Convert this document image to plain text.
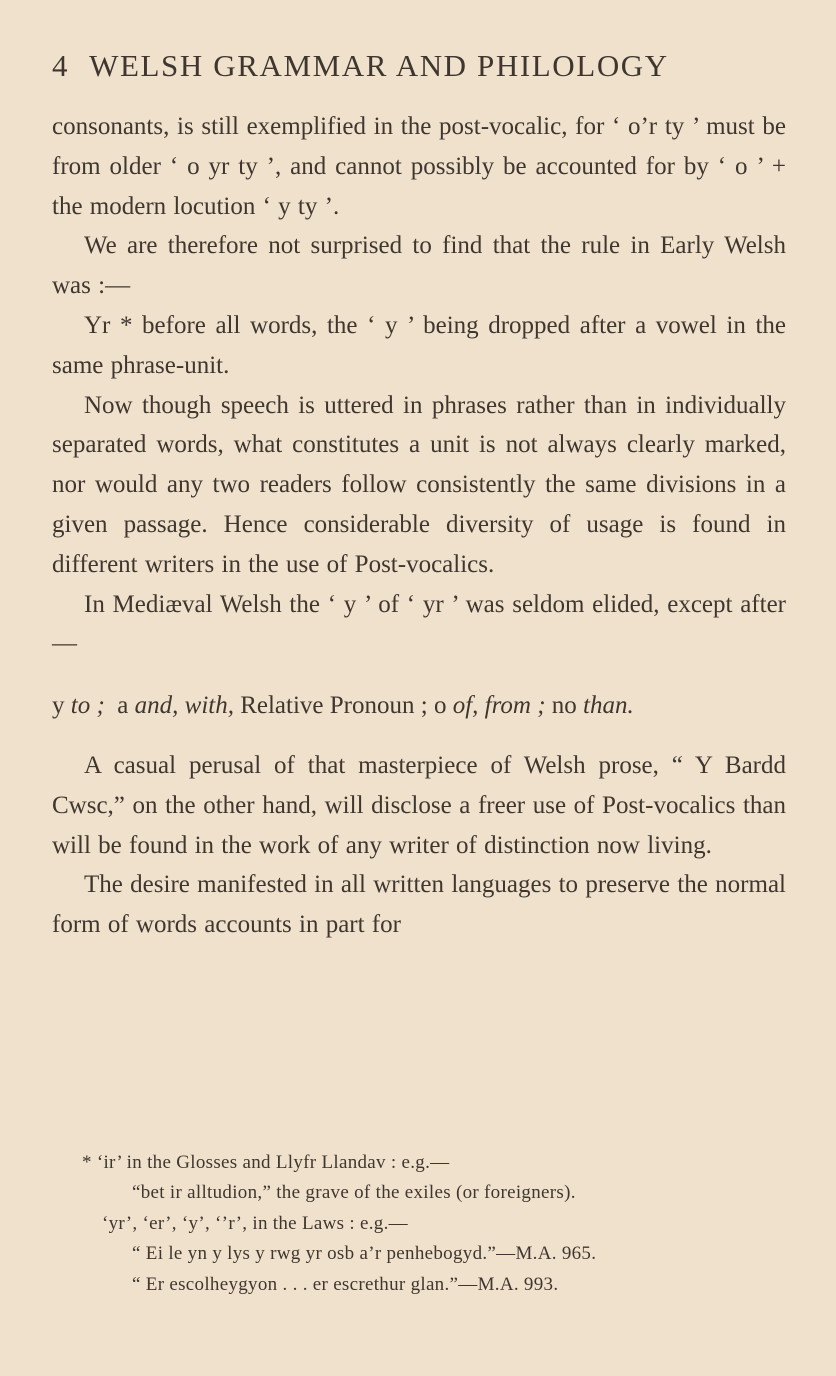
4 WELSH GRAMMAR AND PHILOLOGY

consonants, is still exemplified in the post-vocalic, for ‘ o’r ty ’ must be from older ‘ o yr ty ’, and cannot possibly be accounted for by ‘ o ’ + the modern locution ‘ y ty ’.

We are therefore not surprised to find that the rule in Early Welsh was :—

Yr * before all words, the ‘ y ’ being dropped after a vowel in the same phrase-unit.

Now though speech is uttered in phrases rather than in individually separated words, what constitutes a unit is not always clearly marked, nor would any two readers follow consistently the same divisions in a given passage. Hence considerable diversity of usage is found in different writers in the use of Post-vocalics.

In Mediæval Welsh the ‘ y ’ of ‘ yr ’ was seldom elided, except after—

y to ; a and, with, Relative Pronoun ; o of, from ; no than.

A casual perusal of that masterpiece of Welsh prose, “ Y Bardd Cwsc,” on the other hand, will disclose a freer use of Post-vocalics than will be found in the work of any writer of distinction now living.

The desire manifested in all written languages to preserve the normal form of words accounts in part for

* ‘ir’ in the Glosses and Llyfr Llandav : e.g.—
“bet ir alltudion,” the grave of the exiles (or foreigners).
‘yr’, ‘er’, ‘y’, ‘’r’, in the Laws : e.g.—
“ Ei le yn y lys y rwg yr osb a’r penhebogyd.”—M.A. 965.
“ Er escolheygyon . . . er escrethur glan.”—M.A. 993.
